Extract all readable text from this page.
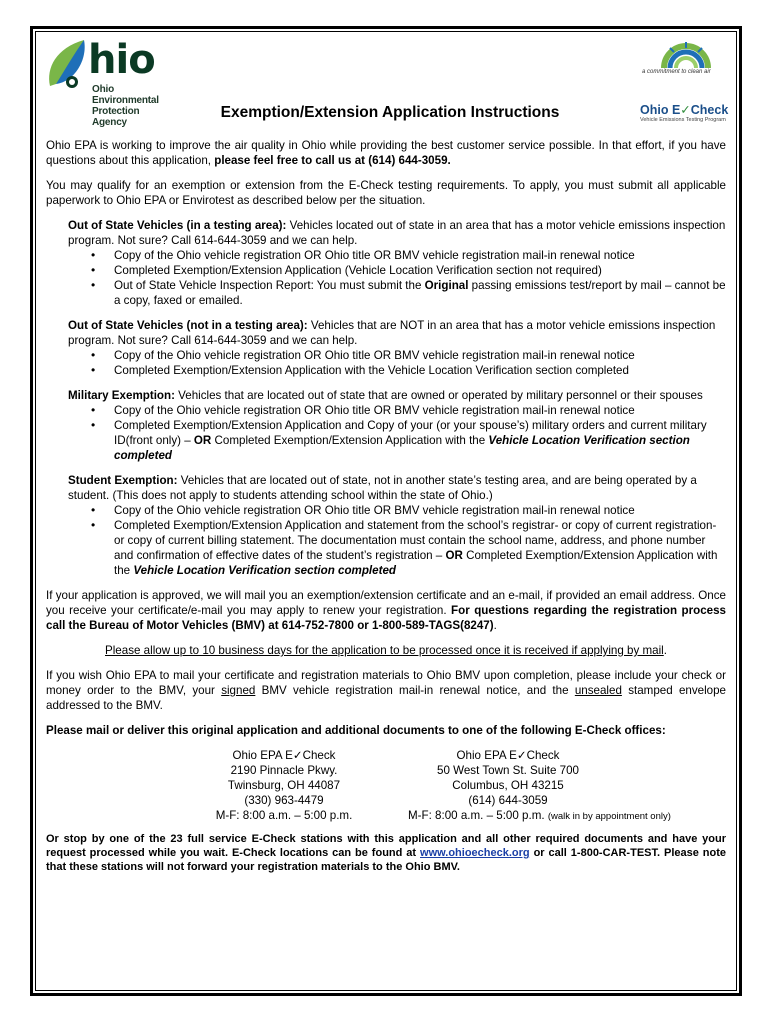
hio
Ohio Environmental
Protection Agency
a commitment to clean air
Ohio E✓Check
Vehicle Emissions Testing Program
Exemption/Extension Application Instructions

Ohio EPA is working to improve the air quality in Ohio while providing the best customer service possible. In that effort, if you have questions about this application, please feel free to call us at (614) 644-3059.

You may qualify for an exemption or extension from the E-Check testing requirements. To apply, you must submit all applicable paperwork to Ohio EPA or Envirotest as described below per the situation.

Out of State Vehicles (in a testing area): Vehicles located out of state in an area that has a motor vehicle emissions inspection program. Not sure? Call 614-644-3059 and we can help.

• Copy of the Ohio vehicle registration OR Ohio title OR BMV vehicle registration mail-in renewal notice
• Completed Exemption/Extension Application (Vehicle Location Verification section not required)
• Out of State Vehicle Inspection Report: You must submit the Original passing emissions test/report by mail – cannot be a copy, faxed or emailed.

Out of State Vehicles (not in a testing area): Vehicles that are NOT in an area that has a motor vehicle emissions inspection program. Not sure? Call 614-644-3059 and we can help.

• Copy of the Ohio vehicle registration OR Ohio title OR BMV vehicle registration mail-in renewal notice
• Completed Exemption/Extension Application with the Vehicle Location Verification section completed

Military Exemption: Vehicles that are located out of state that are owned or operated by military personnel or their spouses

• Copy of the Ohio vehicle registration OR Ohio title OR BMV vehicle registration mail-in renewal notice
• Completed Exemption/Extension Application and Copy of your (or your spouse’s) military orders and current military ID(front only) – OR Completed Exemption/Extension Application with the Vehicle Location Verification section completed

Student Exemption: Vehicles that are located out of state, not in another state’s testing area, and are being operated by a student. (This does not apply to students attending school within the state of Ohio.)

• Copy of the Ohio vehicle registration OR Ohio title OR BMV vehicle registration mail-in renewal notice
• Completed Exemption/Extension Application and statement from the school’s registrar- or copy of current registration- or copy of current billing statement. The documentation must contain the school name, address, and phone number and confirmation of effective dates of the student’s registration – OR Completed Exemption/Extension Application with the Vehicle Location Verification section completed

If your application is approved, we will mail you an exemption/extension certificate and an e-mail, if provided an email address. Once you receive your certificate/e-mail you may apply to renew your registration. For questions regarding the registration process call the Bureau of Motor Vehicles (BMV) at 614-752-7800 or 1-800-589-TAGS(8247).

Please allow up to 10 business days for the application to be processed once it is received if applying by mail.

If you wish Ohio EPA to mail your certificate and registration materials to Ohio BMV upon completion, please include your check or money order to the BMV, your signed BMV vehicle registration mail-in renewal notice, and the unsealed stamped envelope addressed to the BMV.

Please mail or deliver this original application and additional documents to one of the following E-Check offices:

Ohio EPA E✓Check
2190 Pinnacle Pkwy.
Twinsburg, OH 44087
(330) 963-4479
M-F: 8:00 a.m. – 5:00 p.m.
Ohio EPA E✓Check
50 West Town St. Suite 700
Columbus, OH 43215
(614) 644-3059
M-F: 8:00 a.m. – 5:00 p.m. (walk in by appointment only)

Or stop by one of the 23 full service E-Check stations with this application and all other required documents and have your request processed while you wait. E-Check locations can be found at www.ohioecheck.org or call 1-800-CAR-TEST. Please note that these stations will not forward your registration materials to the Ohio BMV.
